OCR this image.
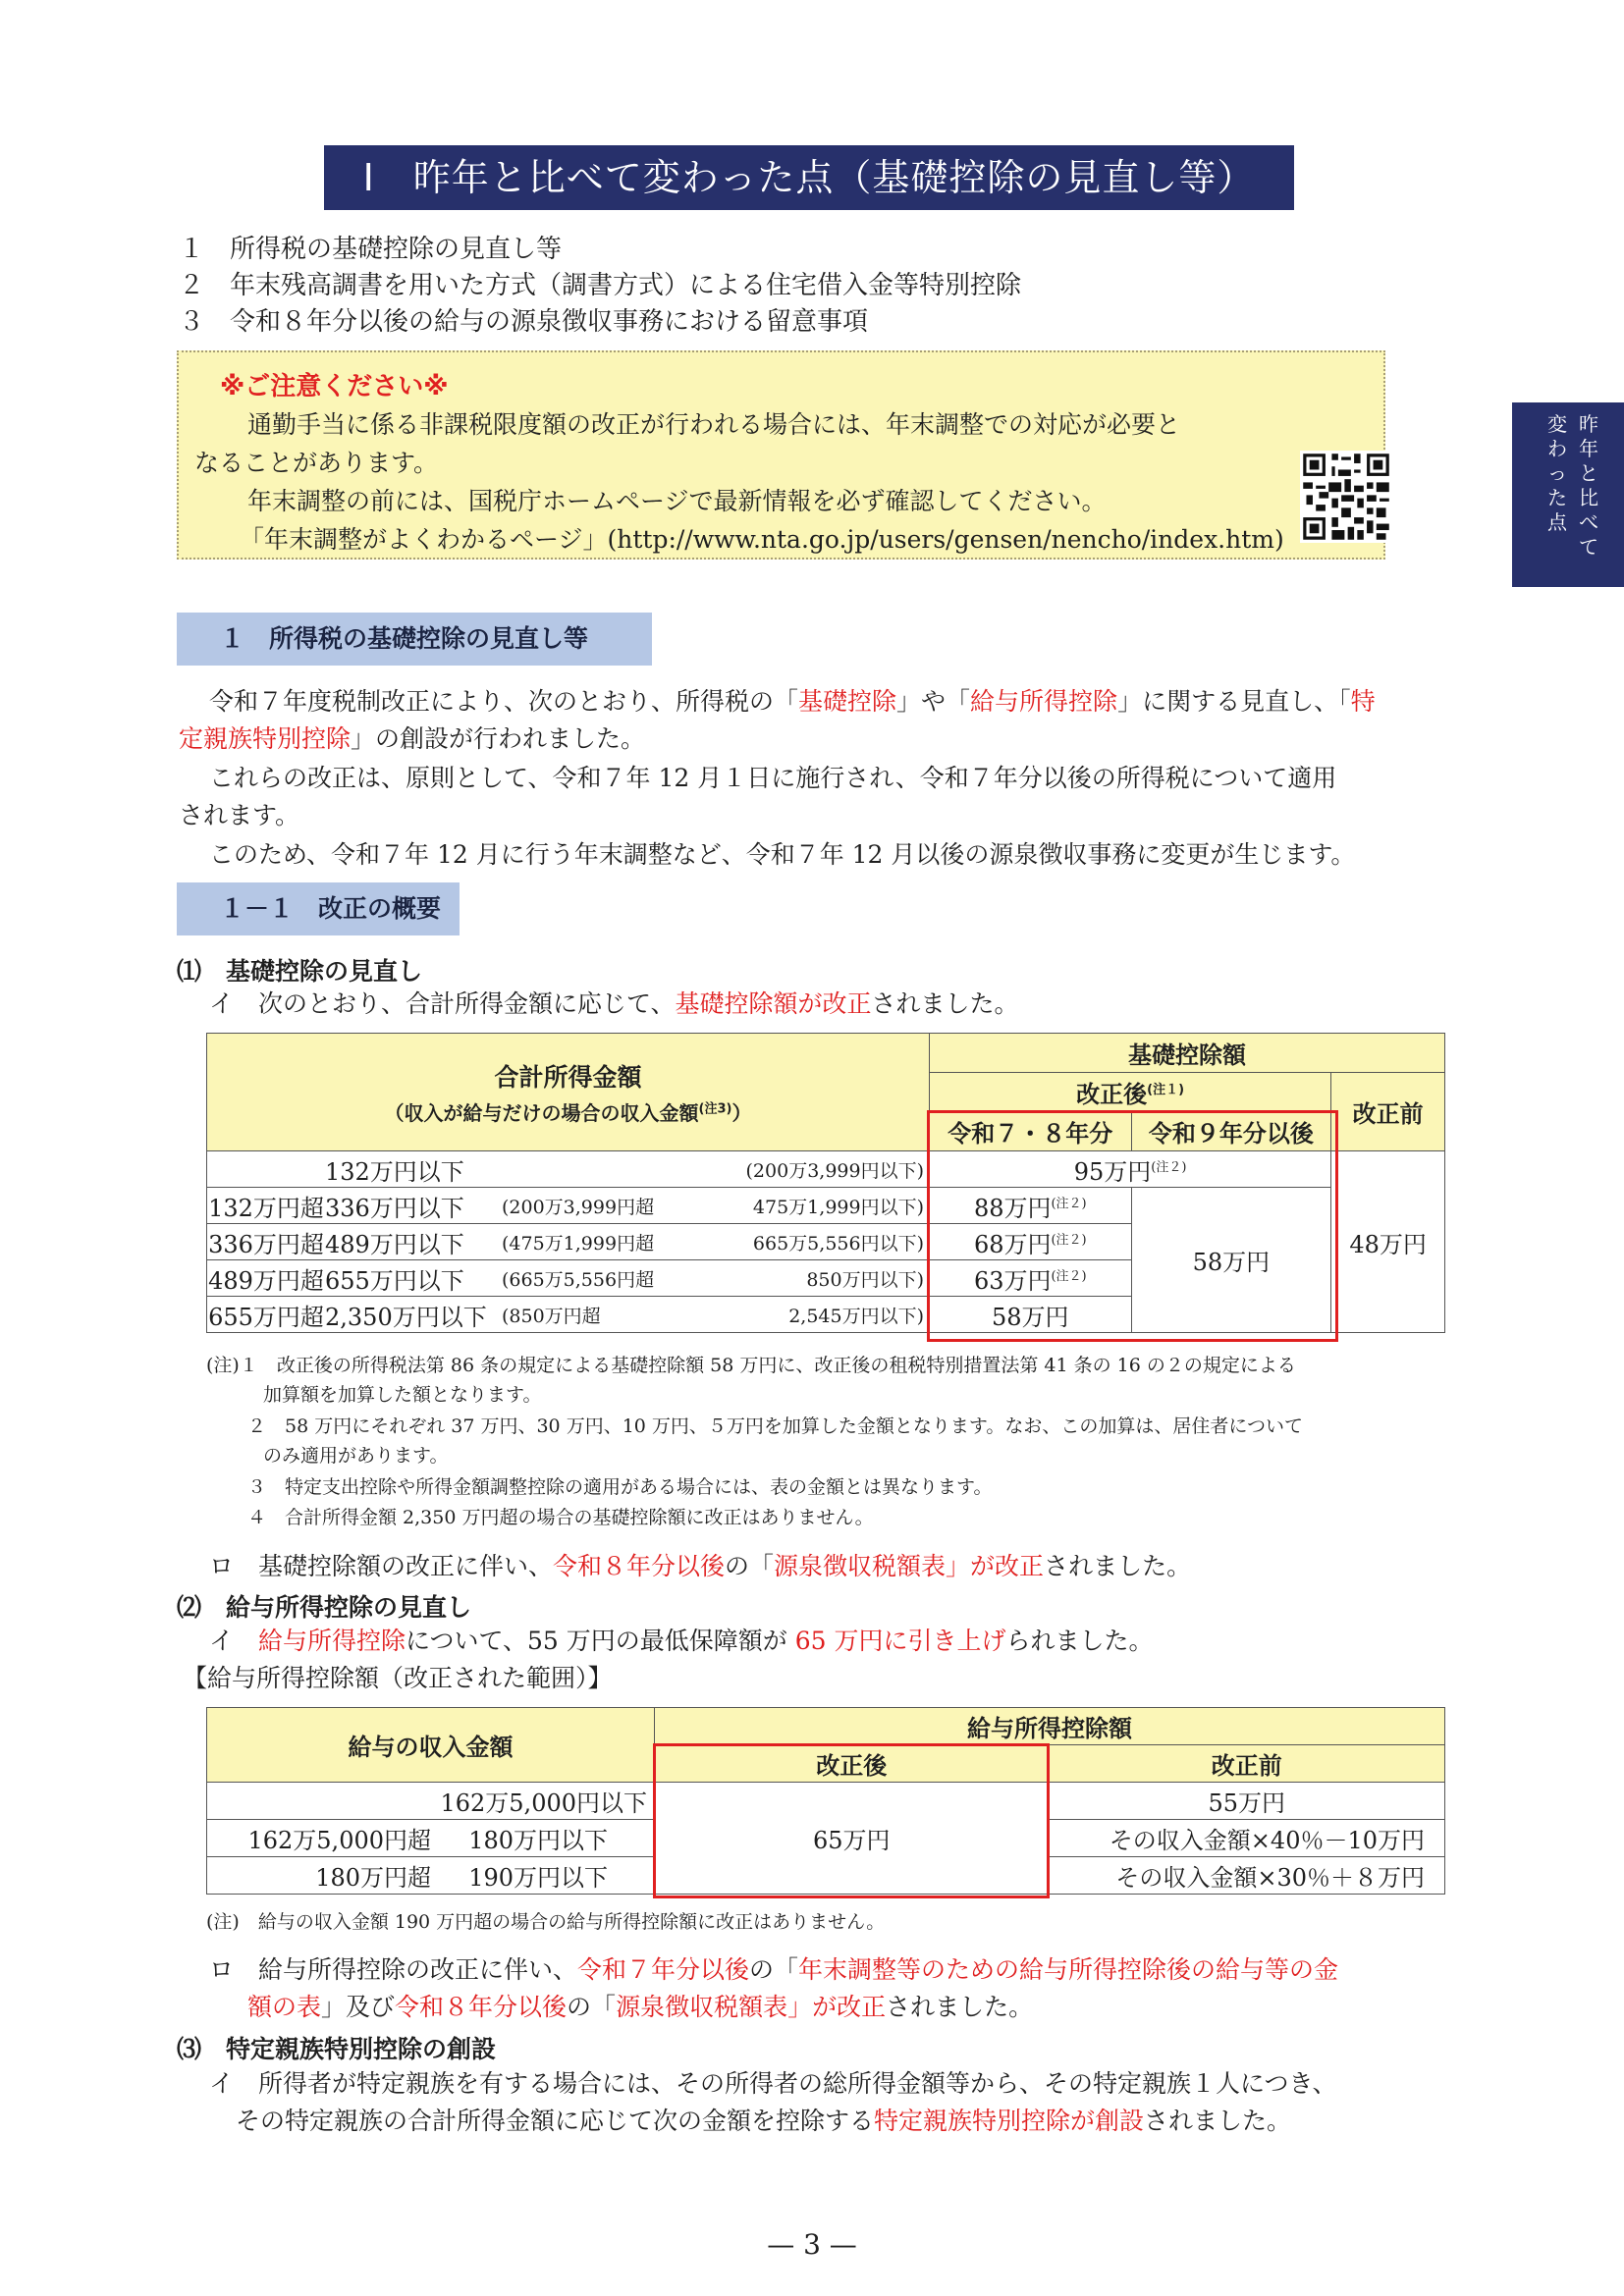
Ⅰ　昨年と比べて変わった点（基礎控除の見直し等）
１ 所得税の基礎控除の見直し等
２ 年末残高調書を用いた方式（調書方式）による住宅借入金等特別控除
３ 令和８年分以後の給与の源泉徴収事務における留意事項
※ご注意ください※
通勤手当に係る非課税限度額の改正が行われる場合には、年末調整での対応が必要と
なることがあります。
年末調整の前には、国税庁ホームページで最新情報を必ず確認してください。
「年末調整がよくわかるページ」(http://www.nta.go.jp/users/gensen/nencho/index.htm)
昨
年
と
比
べ
て
変
わ
っ
た
点
１　所得税の基礎控除の見直し等
令和７年度税制改正により、次のとおり、所得税の「基礎控除」や「給与所得控除」に関する見直し、「特
定親族特別控除」の創設が行われました。
これらの改正は、原則として、令和７年 12 月１日に施行され、令和７年分以後の所得税について適用
されます。
このため、令和７年 12 月に行う年末調整など、令和７年 12 月以後の源泉徴収事務に変更が生じます。
１－１　改正の概要
⑴　基礎控除の見直し
イ　次のとおり、合計所得金額に応じて、基礎控除額が改正されました。
合計所得金額
（収入が給与だけの場合の収入金額$^{(注3)}$）	基礎控除額		
	改正後$^{(注1)}$		改正前
	令和７・８年分	令和９年分以後	

132万円以下 (200万3,999円以下)	95万円$^{(注2)}$		48万円

132万円超 336万円以下 (200万3,999円超 475万1,999円以下)	88万円$^{(注2)}$	58万円	

336万円超 489万円以下 (475万1,999円超 665万5,556円以下)	68万円$^{(注2)}$

489万円超 655万円以下 (665万5,556円超 850万円以下)	63万円$^{(注2)}$

655万円超 2,350万円以下 (850万円超 2,545万円以下)	58万円		
(注)１　改正後の所得税法第 86 条の規定による基礎控除額 58 万円に、改正後の租税特別措置法第 41 条の 16 の２の規定による
加算額を加算した額となります。
２　58 万円にそれぞれ 37 万円、30 万円、10 万円、５万円を加算した金額となります。なお、この加算は、居住者について
のみ適用があります。
３　特定支出控除や所得金額調整控除の適用がある場合には、表の金額とは異なります。
４　合計所得金額 2,350 万円超の場合の基礎控除額に改正はありません。
ロ　基礎控除額の改正に伴い、令和８年分以後の「源泉徴収税額表」が改正されました。
⑵　給与所得控除の見直し
イ　給与所得控除について、55 万円の最低保障額が 65 万円に引き上げられました。
【給与所得控除額（改正された範囲）】
給与の収入金額	給与所得控除額	
	改正後	改正前

162万5,000円以下	65万円	55万円

162万5,000円超 180万円以下		その収入金額×40％－10万円

180万円超 190万円以下		その収入金額×30％＋８万円
(注)　給与の収入金額 190 万円超の場合の給与所得控除額に改正はありません。
ロ　給与所得控除の改正に伴い、令和７年分以後の「年末調整等のための給与所得控除後の給与等の金
額の表」及び令和８年分以後の「源泉徴収税額表」が改正されました。
⑶　特定親族特別控除の創設
イ　所得者が特定親族を有する場合には、その所得者の総所得金額等から、その特定親族１人につき、
その特定親族の合計所得金額に応じて次の金額を控除する特定親族特別控除が創設されました。
— 3 —
